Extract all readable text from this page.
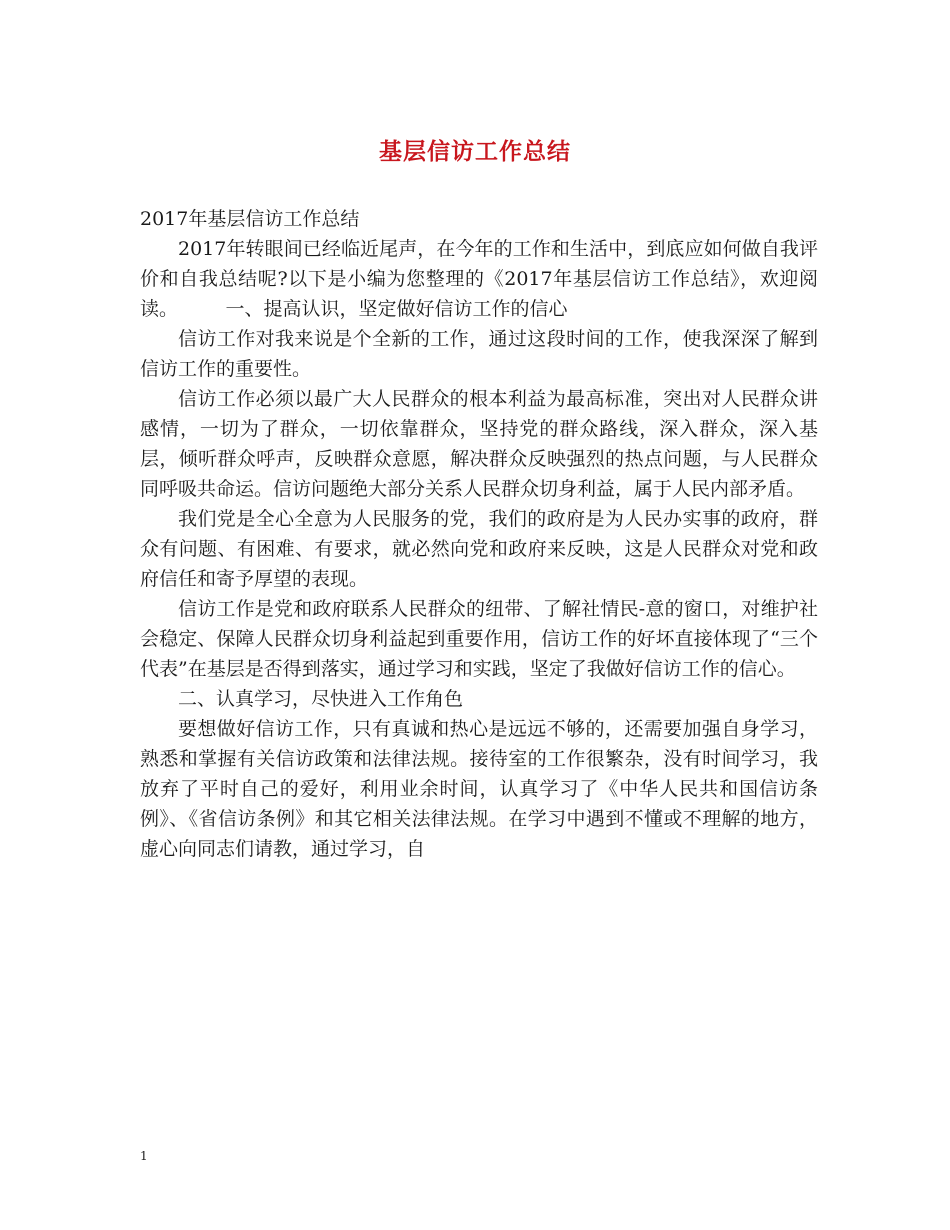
基层信访工作总结

2017年基层信访工作总结

2017年转眼间已经临近尾声，在今年的工作和生活中，到底应如何做自我评价和自我总结呢?以下是小编为您整理的《2017年基层信访工作总结》，欢迎阅读。　　　一、提高认识，坚定做好信访工作的信心

信访工作对我来说是个全新的工作，通过这段时间的工作，使我深深了解到信访工作的重要性。

信访工作必须以最广大人民群众的根本利益为最高标准，突出对人民群众讲感情，一切为了群众，一切依靠群众，坚持党的群众路线，深入群众，深入基层，倾听群众呼声，反映群众意愿，解决群众反映强烈的热点问题，与人民群众同呼吸共命运。信访问题绝大部分关系人民群众切身利益，属于人民内部矛盾。

我们党是全心全意为人民服务的党，我们的政府是为人民办实事的政府，群众有问题、有困难、有要求，就必然向党和政府来反映，这是人民群众对党和政府信任和寄予厚望的表现。

信访工作是党和政府联系人民群众的纽带、了解社情民-意的窗口，对维护社会稳定、保障人民群众切身利益起到重要作用，信访工作的好坏直接体现了“三个代表”在基层是否得到落实，通过学习和实践，坚定了我做好信访工作的信心。

二、认真学习，尽快进入工作角色

要想做好信访工作，只有真诚和热心是远远不够的，还需要加强自身学习，熟悉和掌握有关信访政策和法律法规。接待室的工作很繁杂，没有时间学习，我放弃了平时自己的爱好，利用业余时间，认真学习了《中华人民共和国信访条例》、《省信访条例》和其它相关法律法规。在学习中遇到不懂或不理解的地方，虚心向同志们请教，通过学习，自

1
